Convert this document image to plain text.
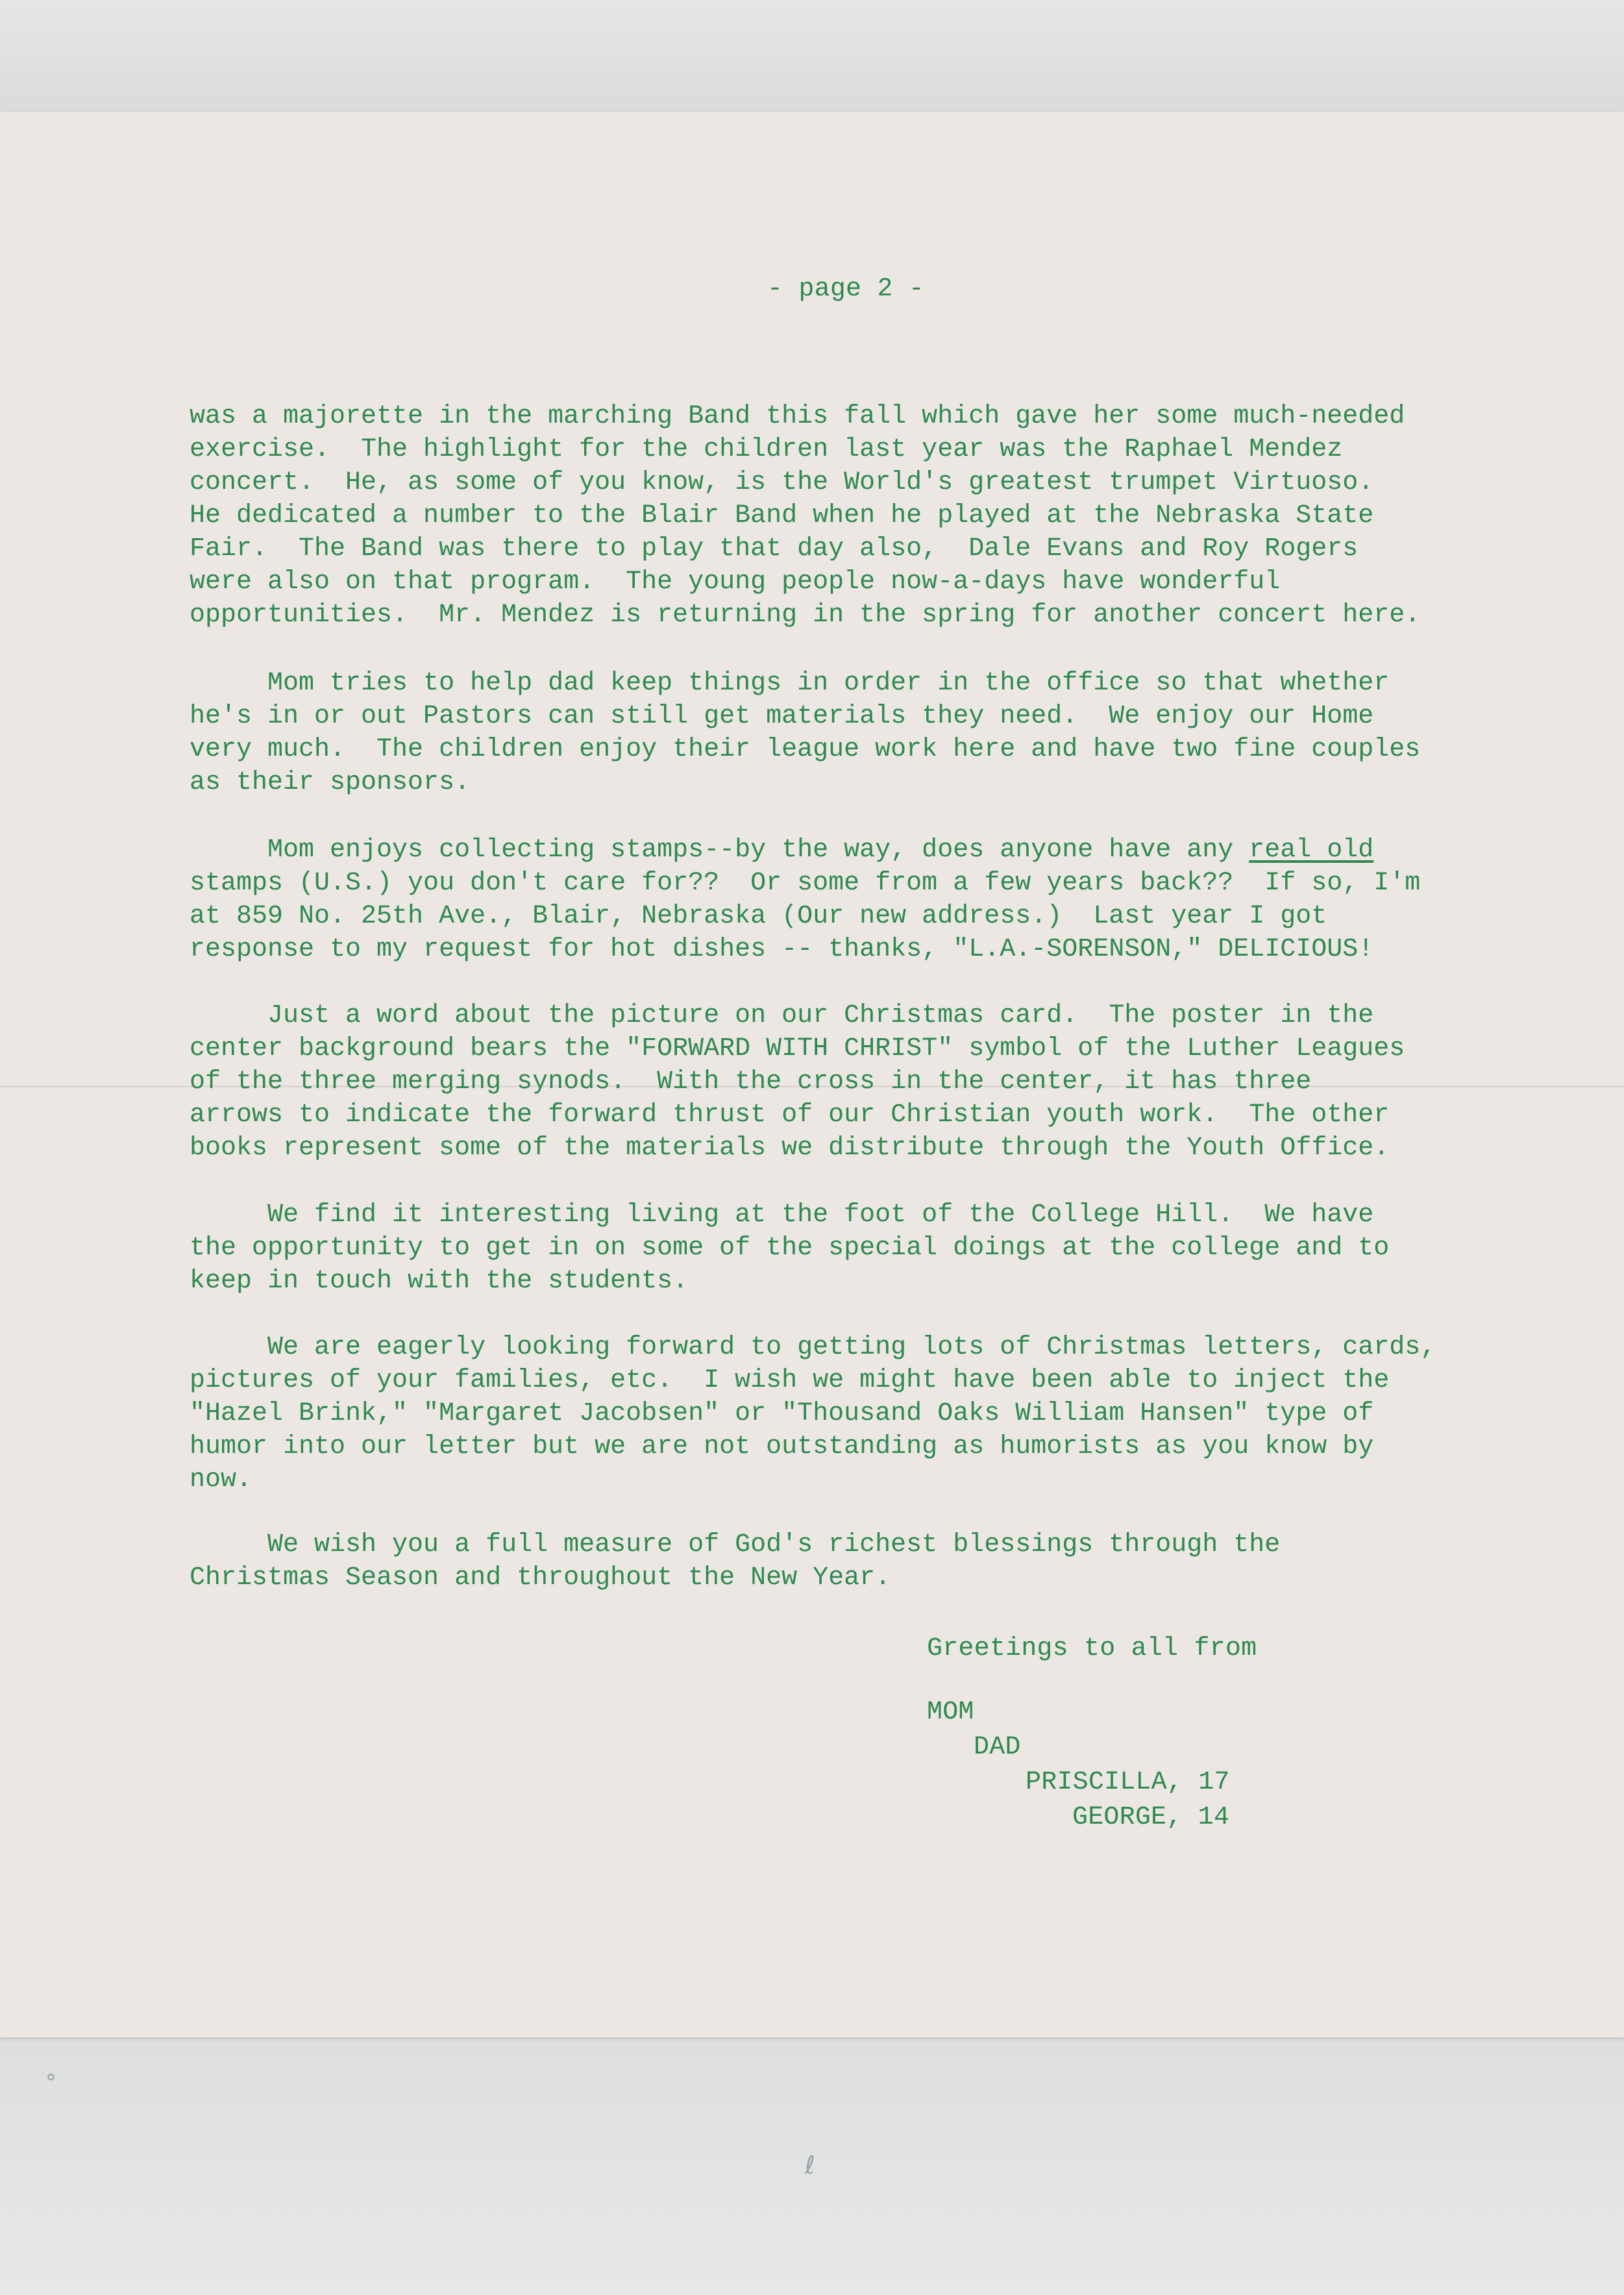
°
ℓ
- page 2 -
was a majorette in the marching Band this fall which gave her some much-needed
exercise.  The highlight for the children last year was the Raphael Mendez
concert.  He, as some of you know, is the World's greatest trumpet Virtuoso.
He dedicated a number to the Blair Band when he played at the Nebraska State
Fair.  The Band was there to play that day also,  Dale Evans and Roy Rogers
were also on that program.  The young people now-a-days have wonderful
opportunities.  Mr. Mendez is returning in the spring for another concert here.
Mom tries to help dad keep things in order in the office so that whether
he's in or out Pastors can still get materials they need.  We enjoy our Home
very much.  The children enjoy their league work here and have two fine couples
as their sponsors.
Mom enjoys collecting stamps--by the way, does anyone have any real old
stamps (U.S.) you don't care for??  Or some from a few years back??  If so, I'm
at 859 No. 25th Ave., Blair, Nebraska (Our new address.)  Last year I got
response to my request for hot dishes -- thanks, "L.A.-SORENSON," DELICIOUS!
Just a word about the picture on our Christmas card.  The poster in the
center background bears the "FORWARD WITH CHRIST" symbol of the Luther Leagues
of the three merging synods.  With the cross in the center, it has three
arrows to indicate the forward thrust of our Christian youth work.  The other
books represent some of the materials we distribute through the Youth Office.
We find it interesting living at the foot of the College Hill.  We have
the opportunity to get in on some of the special doings at the college and to
keep in touch with the students.
We are eagerly looking forward to getting lots of Christmas letters, cards,
pictures of your families, etc.  I wish we might have been able to inject the
"Hazel Brink," "Margaret Jacobsen" or "Thousand Oaks William Hansen" type of
humor into our letter but we are not outstanding as humorists as you know by
now.
We wish you a full measure of God's richest blessings through the
Christmas Season and throughout the New Year.
Greetings to all from
MOM
DAD
PRISCILLA, 17
GEORGE, 14
